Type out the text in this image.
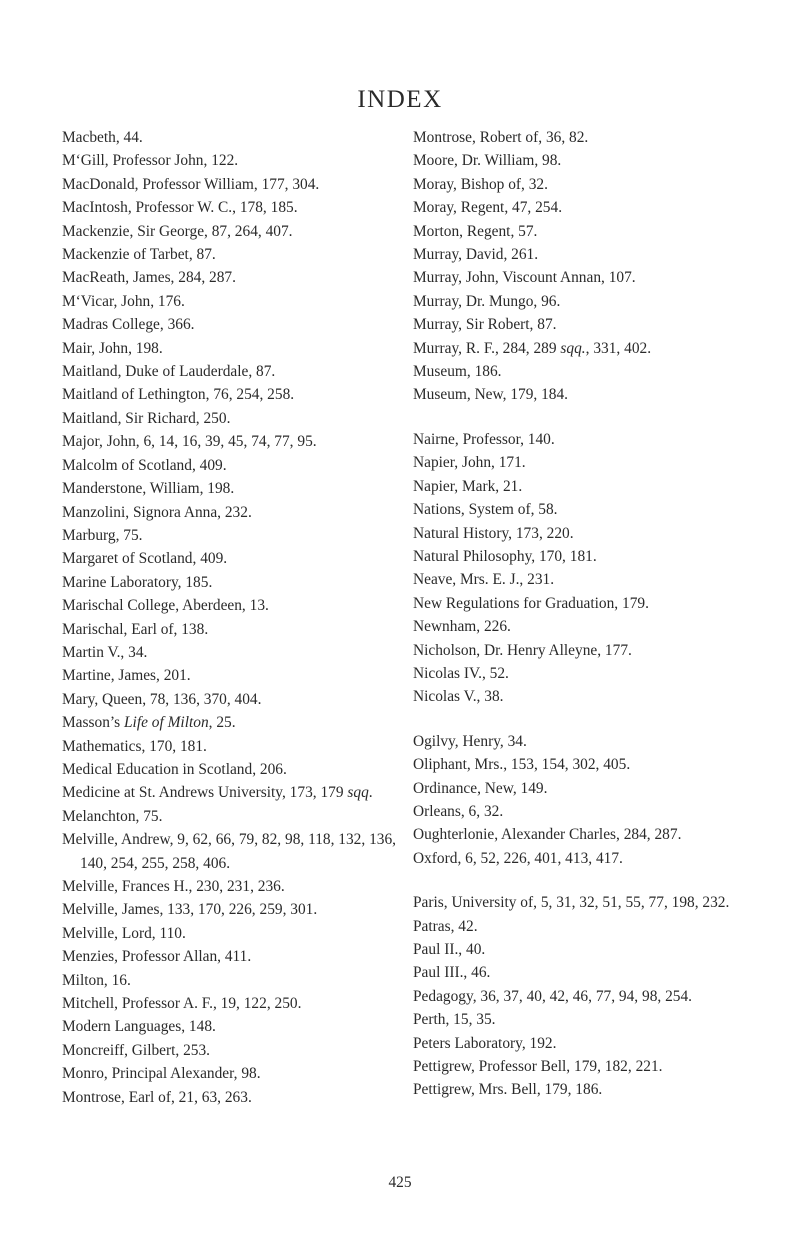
INDEX
Macbeth, 44.
M‘Gill, Professor John, 122.
MacDonald, Professor William, 177, 304.
MacIntosh, Professor W. C., 178, 185.
Mackenzie, Sir George, 87, 264, 407.
Mackenzie of Tarbet, 87.
MacReath, James, 284, 287.
M‘Vicar, John, 176.
Madras College, 366.
Mair, John, 198.
Maitland, Duke of Lauderdale, 87.
Maitland of Lethington, 76, 254, 258.
Maitland, Sir Richard, 250.
Major, John, 6, 14, 16, 39, 45, 74, 77, 95.
Malcolm of Scotland, 409.
Manderstone, William, 198.
Manzolini, Signora Anna, 232.
Marburg, 75.
Margaret of Scotland, 409.
Marine Laboratory, 185.
Marischal College, Aberdeen, 13.
Marischal, Earl of, 138.
Martin V., 34.
Martine, James, 201.
Mary, Queen, 78, 136, 370, 404.
Masson’s Life of Milton, 25.
Mathematics, 170, 181.
Medical Education in Scotland, 206.
Medicine at St. Andrews University, 173, 179 sqq.
Melanchton, 75.
Melville, Andrew, 9, 62, 66, 79, 82, 98, 118, 132, 136, 140, 254, 255, 258, 406.
Melville, Frances H., 230, 231, 236.
Melville, James, 133, 170, 226, 259, 301.
Melville, Lord, 110.
Menzies, Professor Allan, 411.
Milton, 16.
Mitchell, Professor A. F., 19, 122, 250.
Modern Languages, 148.
Moncreiff, Gilbert, 253.
Monro, Principal Alexander, 98.
Montrose, Earl of, 21, 63, 263.
Montrose, Robert of, 36, 82.
Moore, Dr. William, 98.
Moray, Bishop of, 32.
Moray, Regent, 47, 254.
Morton, Regent, 57.
Murray, David, 261.
Murray, John, Viscount Annan, 107.
Murray, Dr. Mungo, 96.
Murray, Sir Robert, 87.
Murray, R. F., 284, 289 sqq., 331, 402.
Museum, 186.
Museum, New, 179, 184.
Nairne, Professor, 140.
Napier, John, 171.
Napier, Mark, 21.
Nations, System of, 58.
Natural History, 173, 220.
Natural Philosophy, 170, 181.
Neave, Mrs. E. J., 231.
New Regulations for Graduation, 179.
Newnham, 226.
Nicholson, Dr. Henry Alleyne, 177.
Nicolas IV., 52.
Nicolas V., 38.
Ogilvy, Henry, 34.
Oliphant, Mrs., 153, 154, 302, 405.
Ordinance, New, 149.
Orleans, 6, 32.
Oughterlonie, Alexander Charles, 284, 287.
Oxford, 6, 52, 226, 401, 413, 417.
Paris, University of, 5, 31, 32, 51, 55, 77, 198, 232.
Patras, 42.
Paul II., 40.
Paul III., 46.
Pedagogy, 36, 37, 40, 42, 46, 77, 94, 98, 254.
Perth, 15, 35.
Peters Laboratory, 192.
Pettigrew, Professor Bell, 179, 182, 221.
Pettigrew, Mrs. Bell, 179, 186.
425
